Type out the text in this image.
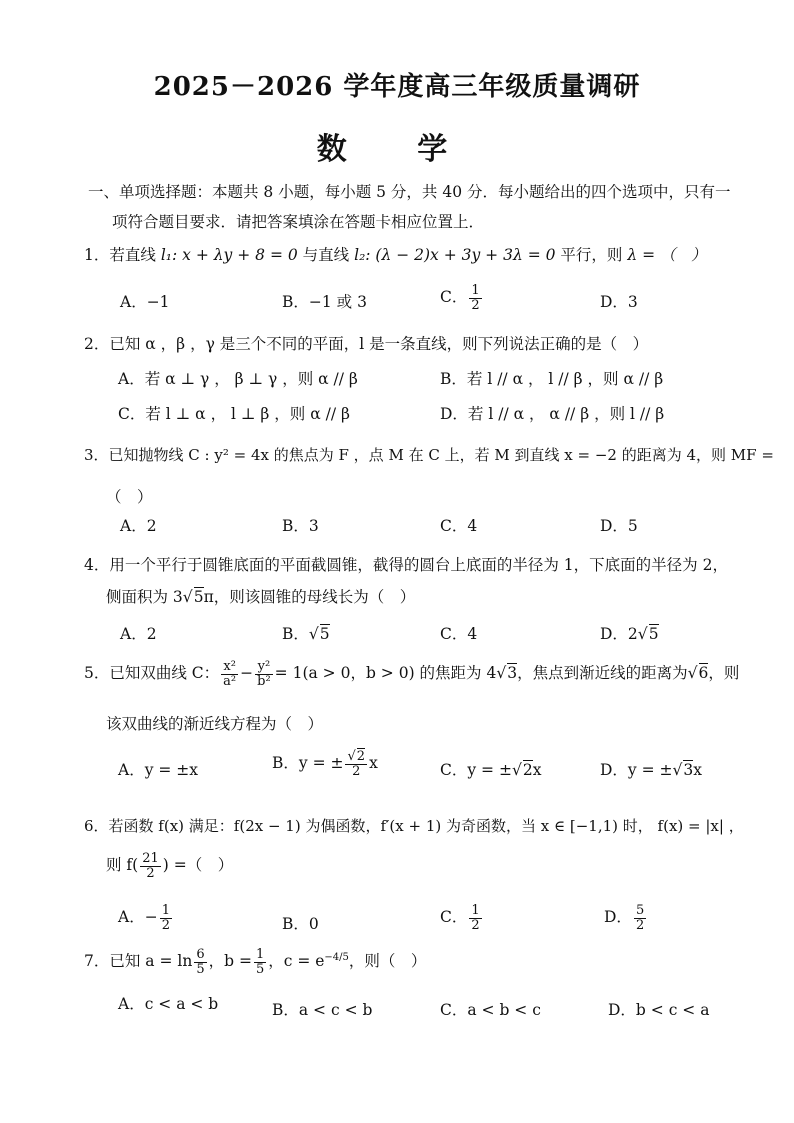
2025－2026 学年度高三年级质量调研
数 学
一、单项选择题：本题共 8 小题，每小题 5 分，共 40 分．每小题给出的四个选项中，只有一
项符合题目要求．请把答案填涂在答题卡相应位置上．
1．若直线 l₁: x + λy + 8 = 0 与直线 l₂: (λ − 2)x + 3y + 3λ = 0 平行，则 λ = （　）
A．−1	B．−1 或 3	C． $\frac{1}{2}$	D．3
2．已知 α ，β ，γ 是三个不同的平面，l 是一条直线，则下列说法正确的是（　）
A．若 α ⊥ γ ， β ⊥ γ ，则 α // β	B．若 l // α ， l // β ，则 α // β
C．若 l ⊥ α ， l ⊥ β ，则 α // β	D．若 l // α ， α // β ，则 l // β
3．已知抛物线 C : y² = 4x 的焦点为 F ，点 M 在 C 上，若 M 到直线 x = −2 的距离为 4，则 MF =
（　）
A．2	B．3	C．4	D．5
4．用一个平行于圆锥底面的平面截圆锥，截得的圆台上底面的半径为 1，下底面的半径为 2，
侧面积为 3√5π，则该圆锥的母线长为（　）
A．2	B．√5	C．4	D．2√5
5．已知双曲线 C： $\frac{\text{x²}}{\text{a²}} - \frac{\text{y²}}{\text{b²}} = 1(a > 0$，b > 0) 的焦距为 4√3，焦点到渐近线的距离为√6，则
该双曲线的渐近线方程为（　）
A．y = ±x	B．y = ± $\frac{√2}{2}$ x	C．y = ±√2x	D．y = ±√3x
6．若函数 f(x) 满足：f(2x − 1) 为偶函数，f′(x + 1) 为奇函数，当 x ∈ [−1,1) 时， f(x) = |x| ，
则 $f( \frac{21}{2}$ ) =（　）
A．− $\frac{1}{2}$	B．0	C． $\frac{1}{2}$	D． $\frac{5}{2}$
7．已知 $a = \ln \frac{6}{5}$ ，$b = \frac{1}{5}$ ，$c = e^{-4/5}$，则（　）
A．c < a < b	B．a < c < b	C．a < b < c	D．b < c < a
